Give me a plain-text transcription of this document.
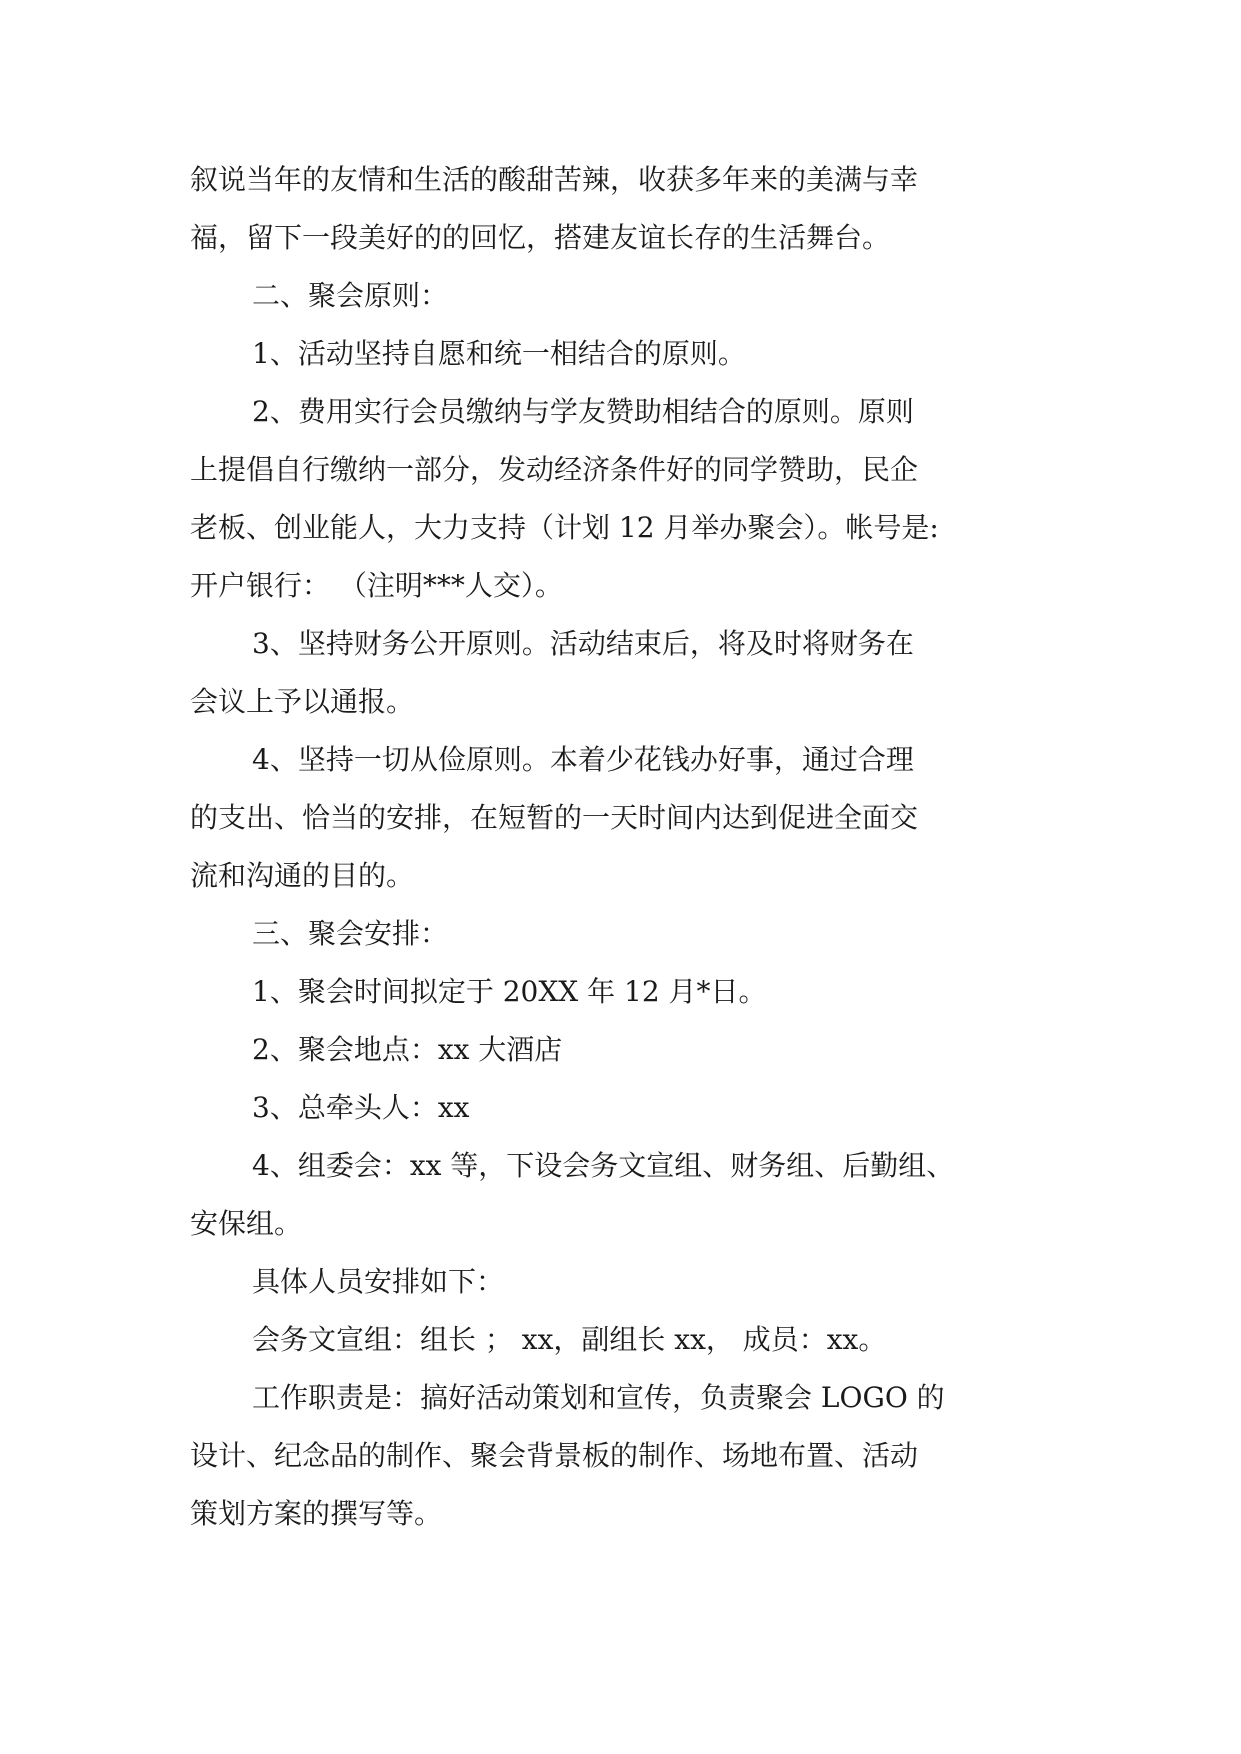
叙说当年的友情和生活的酸甜苦辣，收获多年来的美满与幸
福，留下一段美好的的回忆，搭建友谊长存的生活舞台。
二、聚会原则：
1、活动坚持自愿和统一相结合的原则。
2、费用实行会员缴纳与学友赞助相结合的原则。原则
上提倡自行缴纳一部分，发动经济条件好的同学赞助，民企
老板、创业能人，大力支持（计划 12 月举办聚会）。帐号是:
开户银行： （注明***人交）。
3、坚持财务公开原则。活动结束后，将及时将财务在
会议上予以通报。
4、坚持一切从俭原则。本着少花钱办好事，通过合理
的支出、恰当的安排，在短暂的一天时间内达到促进全面交
流和沟通的目的。
三、聚会安排：
1、聚会时间拟定于 20XX 年 12 月*日。
2、聚会地点：xx 大酒店
3、总牵头人：xx
4、组委会：xx 等，下设会务文宣组、财务组、后勤组、
安保组。
具体人员安排如下：
会务文宣组：组长 ； xx，副组长 xx， 成员：xx。
工作职责是：搞好活动策划和宣传，负责聚会 LOGO 的
设计、纪念品的制作、聚会背景板的制作、场地布置、活动
策划方案的撰写等。
